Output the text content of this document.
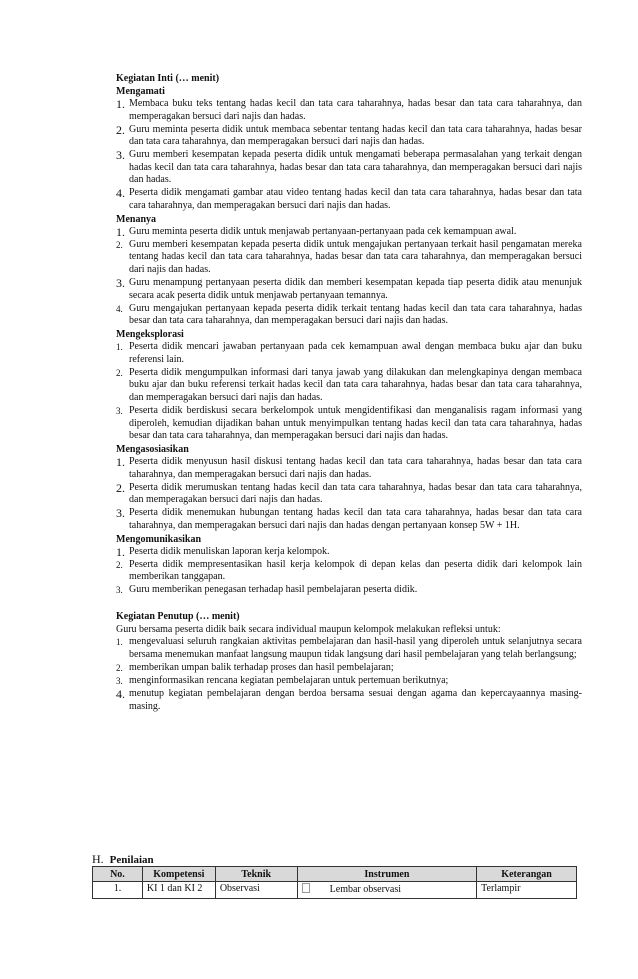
Kegiatan Inti (… menit)
Mengamati
1. Membaca buku teks tentang hadas kecil dan tata cara taharahnya, hadas besar dan tata cara taharahnya, dan memperagakan bersuci dari najis dan hadas.
2. Guru meminta peserta didik untuk membaca sebentar tentang hadas kecil dan tata cara taharahnya, hadas besar dan tata cara taharahnya, dan memperagakan bersuci dari najis dan hadas.
3. Guru memberi kesempatan kepada peserta didik untuk mengamati beberapa permasalahan yang terkait dengan hadas kecil dan tata cara taharahnya, hadas besar dan tata cara taharahnya, dan memperagakan bersuci dari najis dan hadas.
4. Peserta didik mengamati gambar atau video tentang hadas kecil dan tata cara taharahnya, hadas besar dan tata cara taharahnya, dan memperagakan bersuci dari najis dan hadas.
Menanya
1. Guru meminta peserta didik untuk menjawab pertanyaan-pertanyaan pada cek kemampuan awal.
2. Guru memberi kesempatan kepada peserta didik untuk mengajukan pertanyaan terkait hasil pengamatan mereka tentang hadas kecil dan tata cara taharahnya, hadas besar dan tata cara taharahnya, dan memperagakan bersuci dari najis dan hadas.
3. Guru menampung pertanyaan peserta didik dan memberi kesempatan kepada tiap peserta didik atau menunjuk secara acak peserta didik untuk menjawab pertanyaan temannya.
4. Guru mengajukan pertanyaan kepada peserta didik terkait tentang hadas kecil dan tata cara taharahnya, hadas besar dan tata cara taharahnya, dan memperagakan bersuci dari najis dan hadas.
Mengeksplorasi
1. Peserta didik mencari jawaban pertanyaan pada cek kemampuan awal dengan membaca buku ajar dan buku referensi lain.
2. Peserta didik mengumpulkan informasi dari tanya jawab yang dilakukan dan melengkapinya dengan membaca buku ajar dan buku referensi terkait hadas kecil dan tata cara taharahnya, hadas besar dan tata cara taharahnya, dan memperagakan bersuci dari najis dan hadas.
3. Peserta didik berdiskusi secara berkelompok untuk mengidentifikasi dan menganalisis ragam informasi yang diperoleh, kemudian dijadikan bahan untuk menyimpulkan tentang hadas kecil dan tata cara taharahnya, hadas besar dan tata cara taharahnya, dan memperagakan bersuci dari najis dan hadas.
Mengasosiasikan
1. Peserta didik menyusun hasil diskusi tentang hadas kecil dan tata cara taharahnya, hadas besar dan tata cara taharahnya, dan memperagakan bersuci dari najis dan hadas.
2. Peserta didik merumuskan tentang hadas kecil dan tata cara taharahnya, hadas besar dan tata cara taharahnya, dan memperagakan bersuci dari najis dan hadas.
3. Peserta didik menemukan hubungan tentang hadas kecil dan tata cara taharahnya, hadas besar dan tata cara taharahnya, dan memperagakan bersuci dari najis dan hadas dengan pertanyaan konsep 5W + 1H.
Mengomunikasikan
1. Peserta didik menuliskan laporan kerja kelompok.
2. Peserta didik mempresentasikan hasil kerja kelompok di depan kelas dan peserta didik dari kelompok lain memberikan tanggapan.
3. Guru memberikan penegasan terhadap hasil pembelajaran peserta didik.
Kegiatan Penutup (… menit)
Guru bersama peserta didik baik secara individual maupun kelompok melakukan refleksi untuk:
1. mengevaluasi seluruh rangkaian aktivitas pembelajaran dan hasil-hasil yang diperoleh untuk selanjutnya secara bersama menemukan manfaat langsung maupun tidak langsung dari hasil pembelajaran yang telah berlangsung;
2. memberikan umpan balik terhadap proses dan hasil pembelajaran;
3. menginformasikan rencana kegiatan pembelajaran untuk pertemuan berikutnya;
4. menutup kegiatan pembelajaran dengan berdoa bersama sesuai dengan agama dan kepercayaannya masing-masing.
H. Penilaian
No.	Kompetensi	Teknik	Instrumen	Keterangan
1.	KI 1 dan KI 2	Observasi	Lembar observasi	Terlampir
